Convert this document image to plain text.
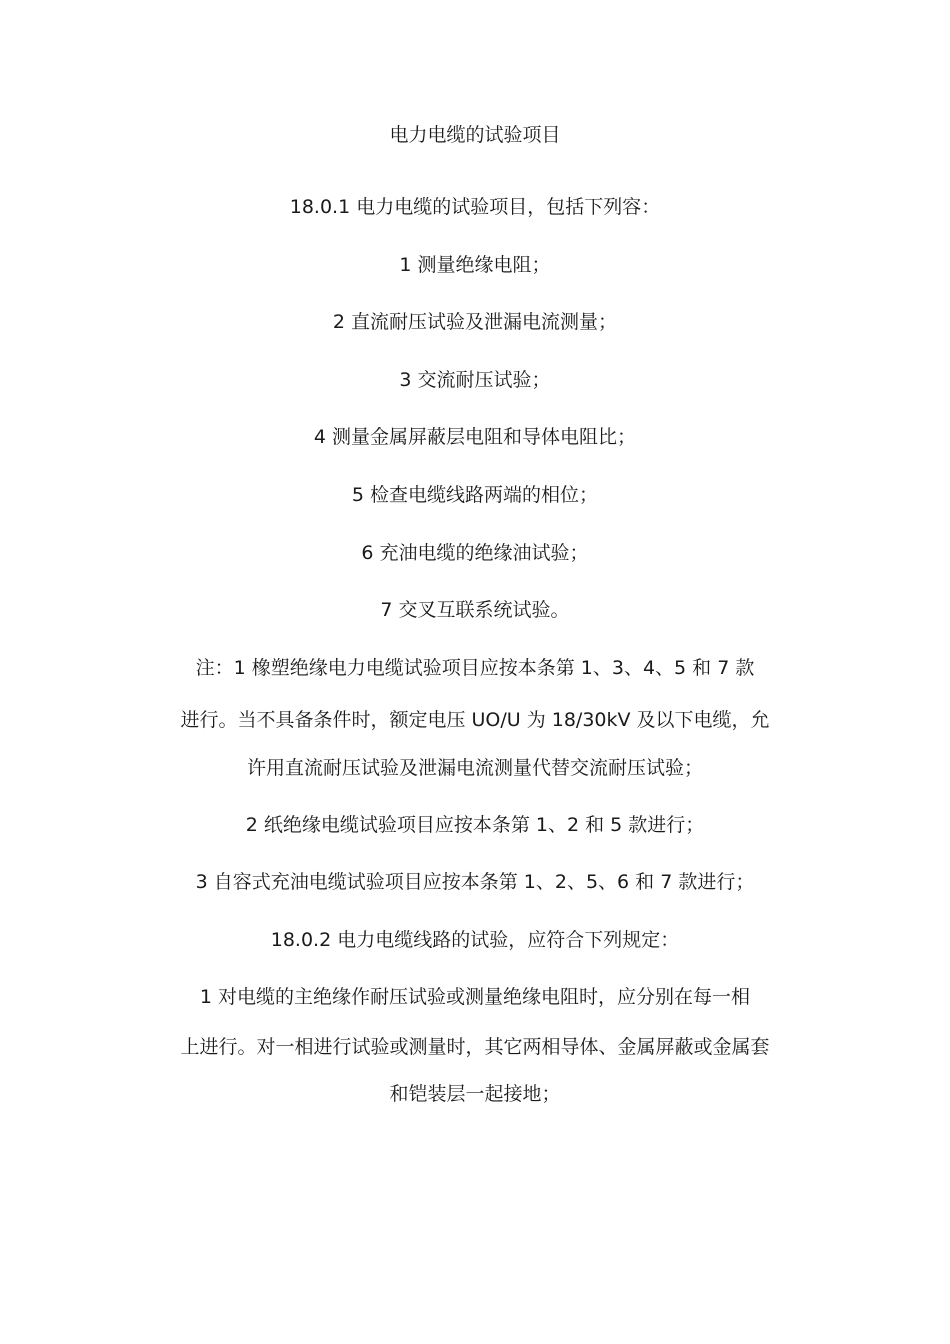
电力电缆的试验项目
18.0.1 电力电缆的试验项目，包括下列容：
1 测量绝缘电阻；
2 直流耐压试验及泄漏电流测量；
3 交流耐压试验；
4 测量金属屏蔽层电阻和导体电阻比；
5 检查电缆线路两端的相位；
6 充油电缆的绝缘油试验；
7 交叉互联系统试验。
注：1 橡塑绝缘电力电缆试验项目应按本条第 1、3、4、5 和 7 款
进行。当不具备条件时，额定电压 UO/U 为 18/30kV 及以下电缆，允
许用直流耐压试验及泄漏电流测量代替交流耐压试验；
2 纸绝缘电缆试验项目应按本条第 1、2 和 5 款进行；
3 自容式充油电缆试验项目应按本条第 1、2、5、6 和 7 款进行；
18.0.2 电力电缆线路的试验，应符合下列规定：
1 对电缆的主绝缘作耐压试验或测量绝缘电阻时，应分别在每一相
上进行。对一相进行试验或测量时，其它两相导体、金属屏蔽或金属套
和铠装层一起接地；
